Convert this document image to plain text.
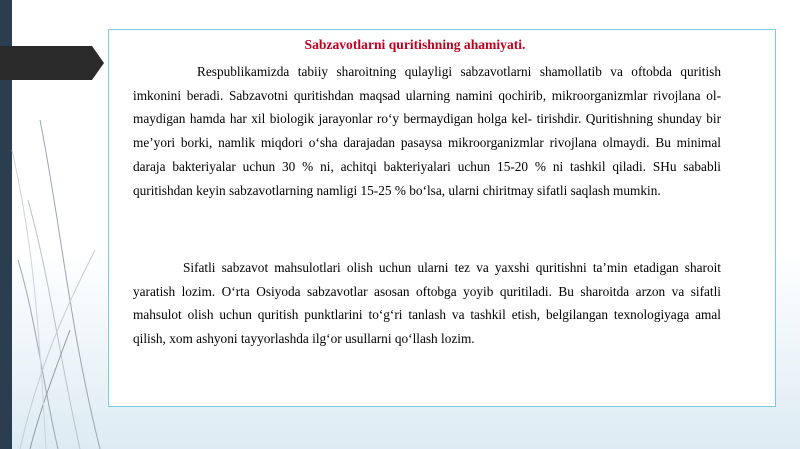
Sabzavotlarni quritishning ahamiyati.

Respublikamizda tabiiy sharoitning qulayligi sabzavotlarni shamollatib va oftobda quritish imkonini beradi. Sabzavotni quritishdan maqsad ularning namini qochirib, mikroorganizmlar rivojlana ol- maydigan hamda har xil biologik jarayonlar roʻy bermaydigan holga kel- tirishdir. Quritishning shunday bir meʼyori borki, namlik miqdori oʻsha darajadan pasaysa mikroorganizmlar rivojlana olmaydi. Bu minimal daraja bakteriyalar uchun 30 % ni, achitqi bakteriyalari uchun 15-20 % ni tashkil qiladi. SHu sababli quritishdan keyin sabzavotlarning namligi 15-25 % boʻlsa, ularni chiritmay sifatli saqlash mumkin.

Sifatli sabzavot mahsulotlari olish uchun ularni tez va yaxshi quritishni taʼmin etadigan sharoit yaratish lozim. Oʻrta Osiyoda sabzavotlar asosan oftobga yoyib quritiladi. Bu sharoitda arzon va sifatli mahsulot olish uchun quritish punktlarini toʻgʻri tanlash va tashkil etish, belgilangan texnologiyaga amal qilish, xom ashyoni tayyorlashda ilgʻor usullarni qoʻllash lozim.
